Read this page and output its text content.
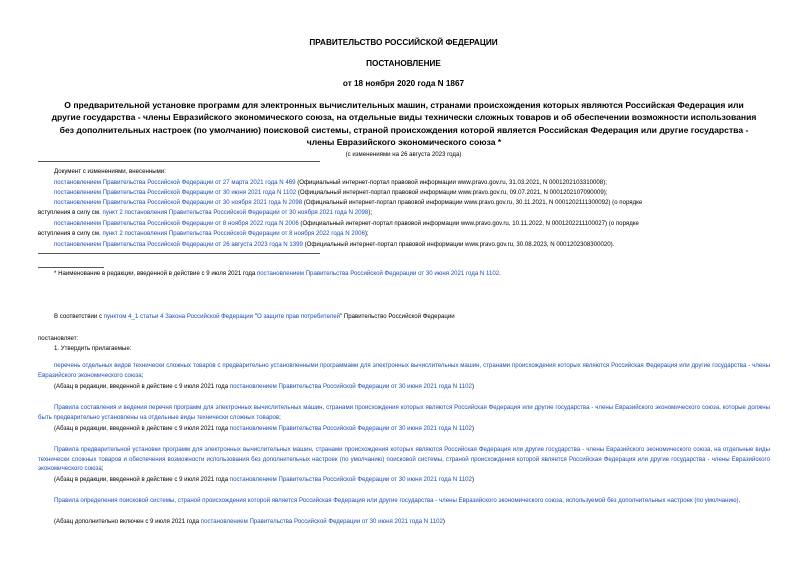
ПРАВИТЕЛЬСТВО РОССИЙСКОЙ ФЕДЕРАЦИИ
ПОСТАНОВЛЕНИЕ
от 18 ноября 2020 года N 1867
О предварительной установке программ для электронных вычислительных машин, странами происхождения которых являются Российская Федерация или
другие государства - члены Евразийского экономического союза, на отдельные виды технически сложных товаров и об обеспечении возможности использования
без дополнительных настроек (по умолчанию) поисковой системы, страной происхождения которой является Российская Федерация или другие государства -
члены Евразийского экономического союза *
(с изменениями на 26 августа 2023 года)
Документ с изменениями, внесенными:
постановлением Правительства Российской Федерации от 27 марта 2021 года N 469 (Официальный интернет-портал правовой информации www.pravo.gov.ru, 31.03.2021, N 0001202103310008);
постановлением Правительства Российской Федерации от 30 июня 2021 года N 1102 (Официальный интернет-портал правовой информации www.pravo.gov.ru, 09.07.2021, N 0001202107090009);
постановлением Правительства Российской Федерации от 30 ноября 2021 года N 2098 (Официальный интернет-портал правовой информации www.pravo.gov.ru, 30.11.2021, N 0001202111300092) (о порядке
вступления в силу см. пункт 2 постановления Правительства Российской Федерации от 30 ноября 2021 года N 2098);
постановлением Правительства Российской Федерации от 8 ноября 2022 года N 2006 (Официальный интернет-портал правовой информации www.pravo.gov.ru, 10.11.2022, N 0001202211100027) (о порядке
вступления в силу см. пункт 2 постановления Правительства Российской Федерации от 8 ноября 2022 года N 2006);
постановлением Правительства Российской Федерации от 26 августа 2023 года N 1399 (Официальный интернет-портал правовой информации www.pravo.gov.ru, 30.08.2023, N 0001202308300020).
* Наименование в редакции, введенной в действие с 9 июля 2021 года постановлением Правительства Российской Федерации от 30 июня 2021 года N 1102.
В соответствии с пунктом 4_1 статьи 4 Закона Российской Федерации "О защите прав потребителей" Правительство Российской Федерации
постановляет:
1. Утвердить прилагаемые:
перечень отдельных видов технически сложных товаров с предварительно установленными программами для электронных вычислительных машин, странами происхождения которых являются Российская Федерация или другие государства - члены Евразийского экономического союза;
(Абзац в редакции, введенной в действие с 9 июля 2021 года постановлением Правительства Российской Федерации от 30 июня 2021 года N 1102)
Правила составления и ведения перечня программ для электронных вычислительных машин, странами происхождения которых являются Российская Федерация или другие государства - члены Евразийского экономического союза, которые должны быть предварительно установлены на отдельные виды технически сложных товаров;
(Абзац в редакции, введенной в действие с 9 июля 2021 года постановлением Правительства Российской Федерации от 30 июня 2021 года N 1102)
Правила предварительной установки программ для электронных вычислительных машин, странами происхождения которых являются Российская Федерация или другие государства - члены Евразийского экономического союза, на отдельные виды технически сложных товаров и обеспечения возможности использования без дополнительных настроек (по умолчанию) поисковой системы, страной происхождения которой является Российская Федерация или другие государства - члены Евразийского экономического союза;
(Абзац в редакции, введенной в действие с 9 июля 2021 года постановлением Правительства Российской Федерации от 30 июня 2021 года N 1102)
Правила определения поисковой системы, страной происхождения которой является Российская Федерация или другие государства - члены Евразийского экономического союза, используемой без дополнительных настроек (по умолчанию).
(Абзац дополнительно включен с 9 июля 2021 года постановлением Правительства Российской Федерации от 30 июня 2021 года N 1102)
